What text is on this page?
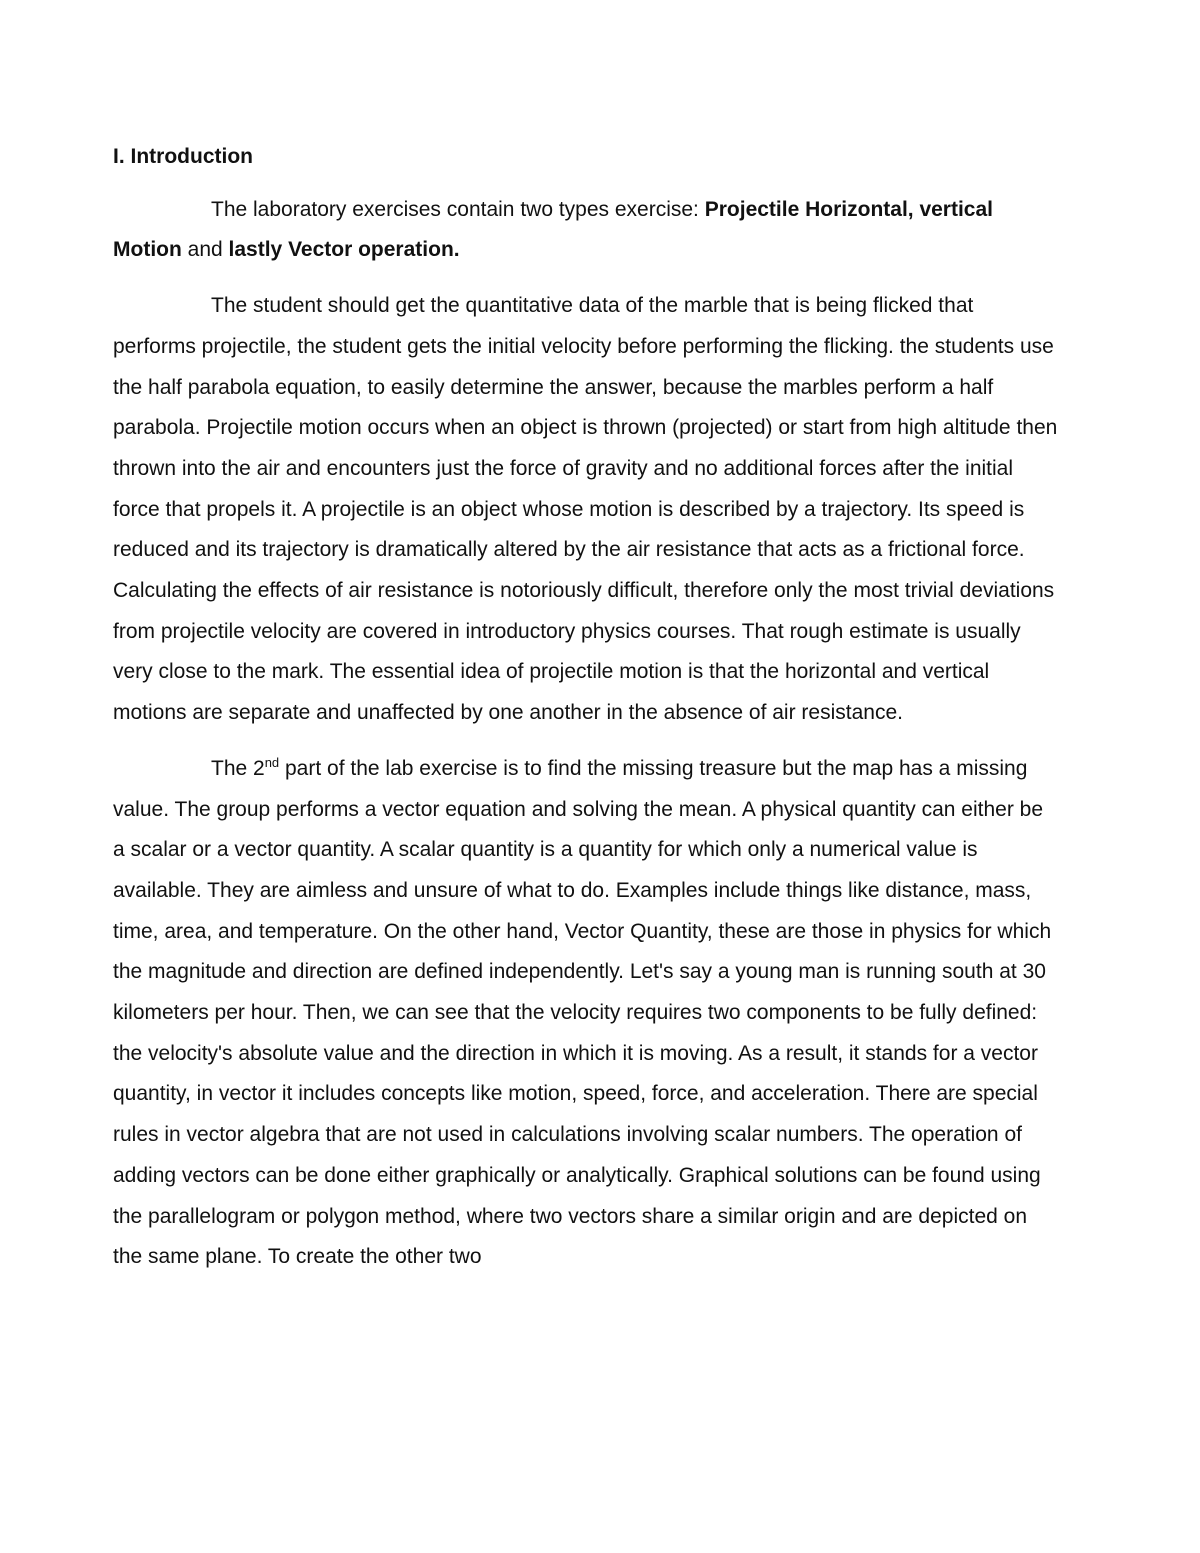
I. Introduction

The laboratory exercises contain two types exercise: Projectile Horizontal, vertical Motion and lastly Vector operation.

The student should get the quantitative data of the marble that is being flicked that performs projectile, the student gets the initial velocity before performing the flicking. the students use the half parabola equation, to easily determine the answer, because the marbles perform a half parabola. Projectile motion occurs when an object is thrown (projected) or start from high altitude then thrown into the air and encounters just the force of gravity and no additional forces after the initial force that propels it. A projectile is an object whose motion is described by a trajectory. Its speed is reduced and its trajectory is dramatically altered by the air resistance that acts as a frictional force. Calculating the effects of air resistance is notoriously difficult, therefore only the most trivial deviations from projectile velocity are covered in introductory physics courses. That rough estimate is usually very close to the mark. The essential idea of projectile motion is that the horizontal and vertical motions are separate and unaffected by one another in the absence of air resistance.

The 2nd part of the lab exercise is to find the missing treasure but the map has a missing value. The group performs a vector equation and solving the mean. A physical quantity can either be a scalar or a vector quantity. A scalar quantity is a quantity for which only a numerical value is available. They are aimless and unsure of what to do. Examples include things like distance, mass, time, area, and temperature. On the other hand, Vector Quantity, these are those in physics for which the magnitude and direction are defined independently. Let's say a young man is running south at 30 kilometers per hour. Then, we can see that the velocity requires two components to be fully defined: the velocity's absolute value and the direction in which it is moving. As a result, it stands for a vector quantity, in vector it includes concepts like motion, speed, force, and acceleration. There are special rules in vector algebra that are not used in calculations involving scalar numbers. The operation of adding vectors can be done either graphically or analytically. Graphical solutions can be found using the parallelogram or polygon method, where two vectors share a similar origin and are depicted on the same plane. To create the other two
